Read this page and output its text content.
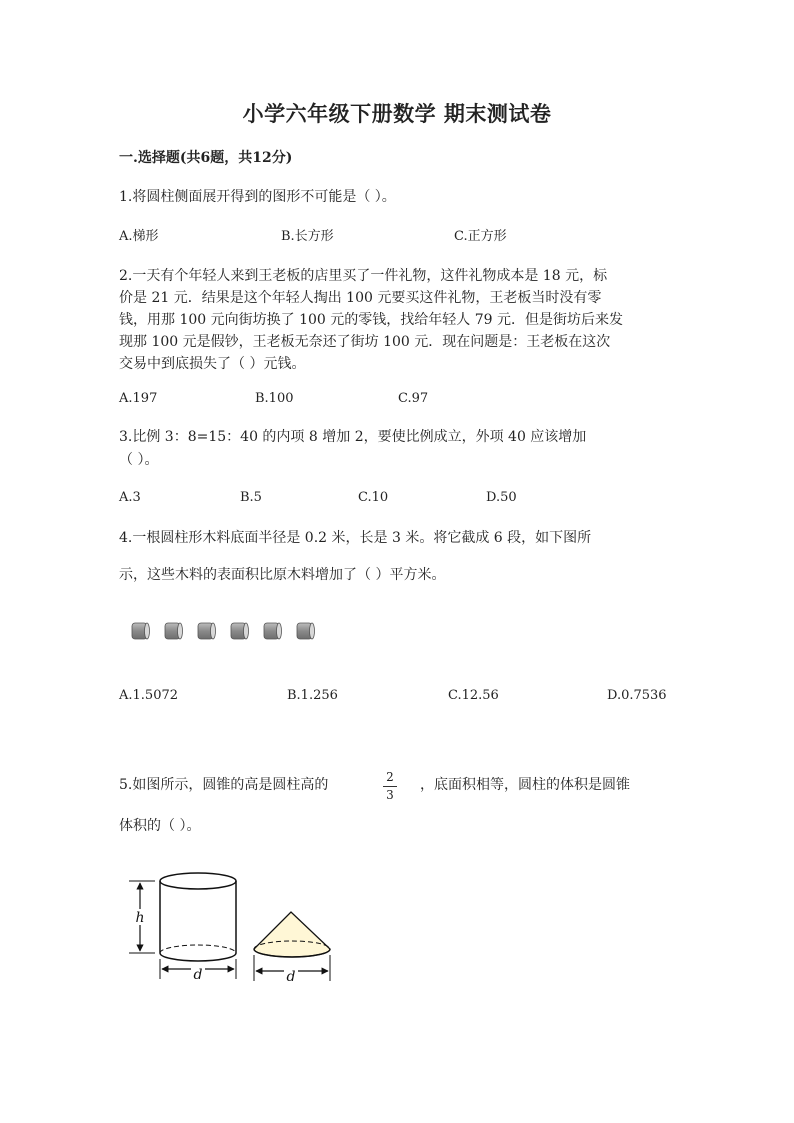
小学六年级下册数学 期末测试卷
一.选择题(共6题，共12分)
1.将圆柱侧面展开得到的图形不可能是（ ）。
A.梯形	B.长方形	C.正方形
2.一天有个年轻人来到王老板的店里买了一件礼物，这件礼物成本是 18 元，标
价是 21 元．结果是这个年轻人掏出 100 元要买这件礼物，王老板当时没有零
钱，用那 100 元向街坊换了 100 元的零钱，找给年轻人 79 元．但是街坊后来发
现那 100 元是假钞，王老板无奈还了街坊 100 元．现在问题是：王老板在这次
交易中到底损失了（ ）元钱。
A.197	B.100	C.97
3.比例 3：8=15：40 的内项 8 增加 2，要使比例成立，外项 40 应该增加
（ ）。
A.3	B.5	C.10	D.50
4.一根圆柱形木料底面半径是 0.2 米，长是 3 米。将它截成 6 段，如下图所
示，这些木料的表面积比原木料增加了（ ）平方米。
A.1.5072	B.1.256	C.12.56	D.0.7536
5.如图所示，圆锥的高是圆柱高的	2
3
，底面积相等，圆柱的体积是圆锥
体积的（ ）。
h
d	d
